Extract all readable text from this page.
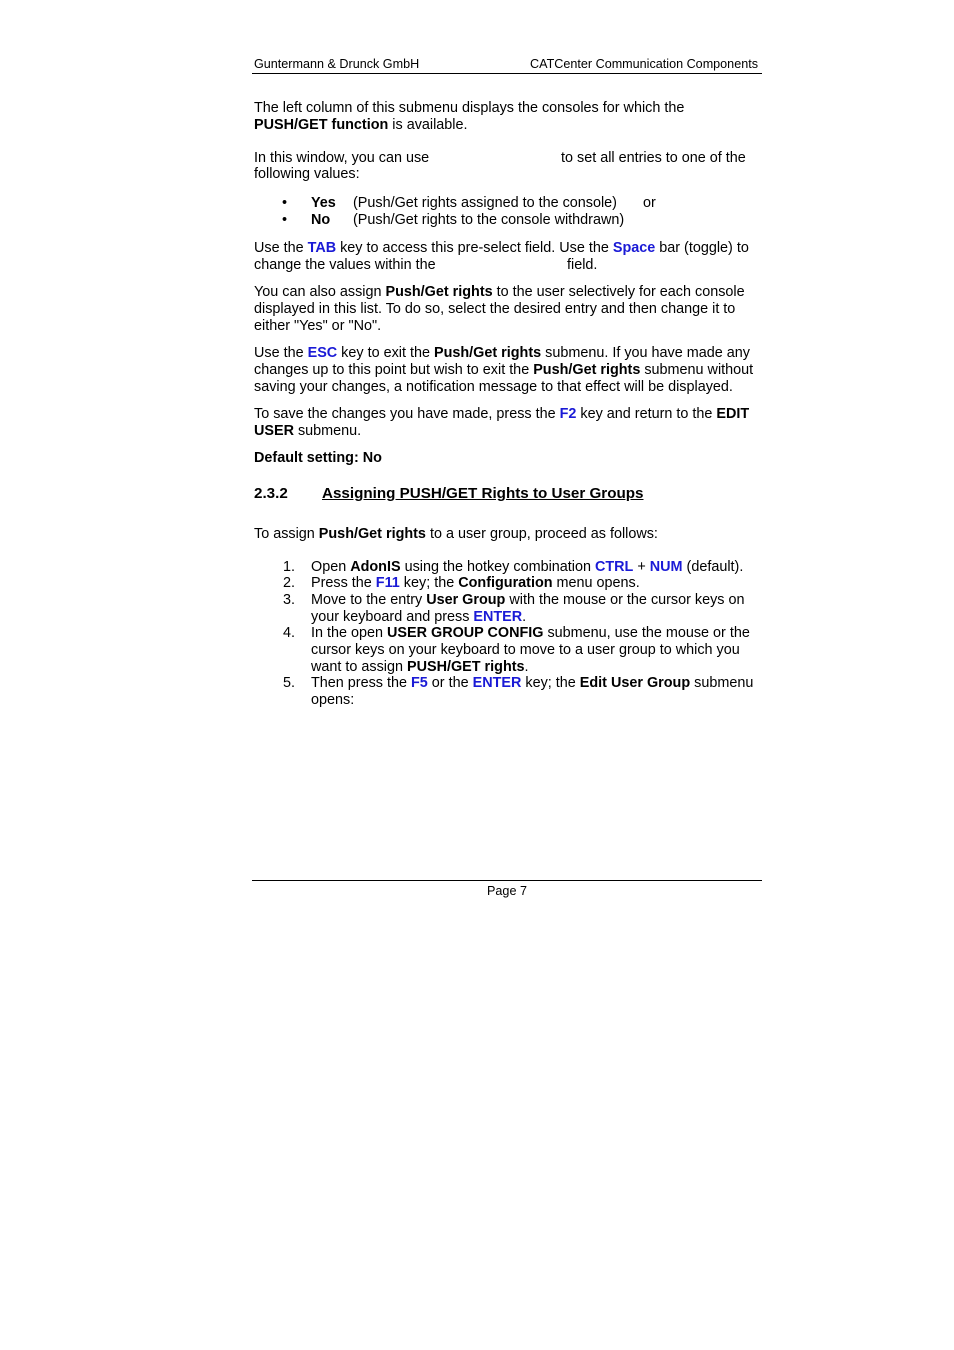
Guntermann & Drunck GmbH	CATCenter Communication Components

The left column of this submenu displays the consoles for which the
PUSH/GET function is available.

In this window, you can use	to set all entries to one of the
following values:
• Yes (Push/Get rights assigned to the console) or
• No (Push/Get rights to the console withdrawn)
Use the TAB key to access this pre-select field. Use the Space bar (toggle) to
change the values within the	field.

You can also assign Push/Get rights to the user selectively for each console displayed in this list. To do so, select the desired entry and then change it to either "Yes" or "No".

Use the ESC key to exit the Push/Get rights submenu. If you have made any changes up to this point but wish to exit the Push/Get rights submenu without saving your changes, a notification message to that effect will be displayed.

To save the changes you have made, press the F2 key and return to the EDIT USER submenu.

Default setting: No
2.3.2 Assigning PUSH/GET Rights to User Groups

To assign Push/Get rights to a user group, proceed as follows:

1. Open AdonIS using the hotkey combination CTRL + NUM (default).
2. Press the F11 key; the Configuration menu opens.
3. Move to the entry User Group with the mouse or the cursor keys on your keyboard and press ENTER.
4. In the open USER GROUP CONFIG submenu, use the mouse or the cursor keys on your keyboard to move to a user group to which you want to assign PUSH/GET rights.
5. Then press the F5 or the ENTER key; the Edit User Group submenu opens:
Page 7
